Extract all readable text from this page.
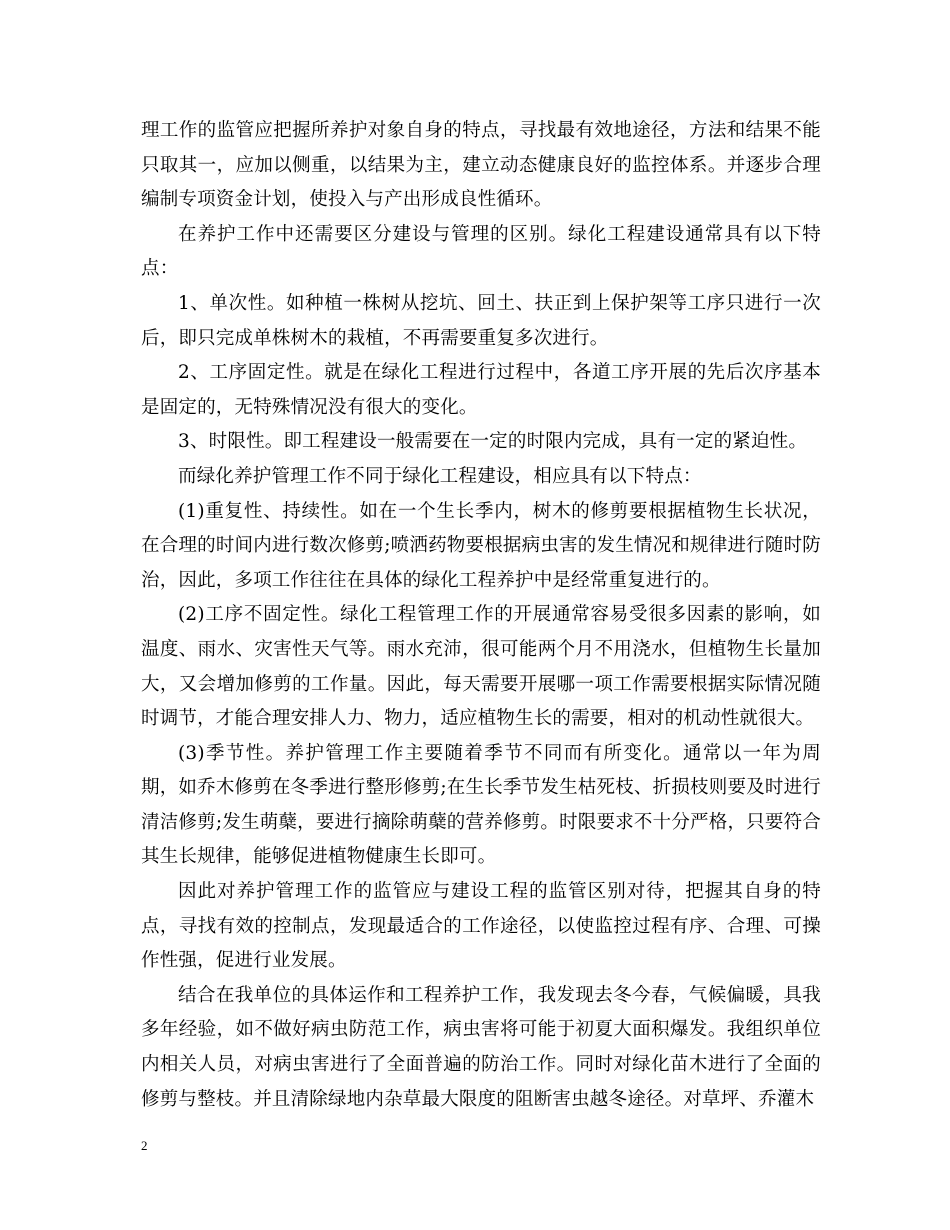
理工作的监管应把握所养护对象自身的特点，寻找最有效地途径，方法和结果不能只取其一，应加以侧重，以结果为主，建立动态健康良好的监控体系。并逐步合理编制专项资金计划，使投入与产出形成良性循环。

在养护工作中还需要区分建设与管理的区别。绿化工程建设通常具有以下特点：

1、单次性。如种植一株树从挖坑、回土、扶正到上保护架等工序只进行一次后，即只完成单株树木的栽植，不再需要重复多次进行。

2、工序固定性。就是在绿化工程进行过程中，各道工序开展的先后次序基本是固定的，无特殊情况没有很大的变化。

3、时限性。即工程建设一般需要在一定的时限内完成，具有一定的紧迫性。

而绿化养护管理工作不同于绿化工程建设，相应具有以下特点：

(1)重复性、持续性。如在一个生长季内，树木的修剪要根据植物生长状况，在合理的时间内进行数次修剪;喷洒药物要根据病虫害的发生情况和规律进行随时防治，因此，多项工作往往在具体的绿化工程养护中是经常重复进行的。

(2)工序不固定性。绿化工程管理工作的开展通常容易受很多因素的影响，如温度、雨水、灾害性天气等。雨水充沛，很可能两个月不用浇水，但植物生长量加大，又会增加修剪的工作量。因此，每天需要开展哪一项工作需要根据实际情况随时调节，才能合理安排人力、物力，适应植物生长的需要，相对的机动性就很大。

(3)季节性。养护管理工作主要随着季节不同而有所变化。通常以一年为周期，如乔木修剪在冬季进行整形修剪;在生长季节发生枯死枝、折损枝则要及时进行清洁修剪;发生萌蘖，要进行摘除萌蘖的营养修剪。时限要求不十分严格，只要符合其生长规律，能够促进植物健康生长即可。

因此对养护管理工作的监管应与建设工程的监管区别对待，把握其自身的特点，寻找有效的控制点，发现最适合的工作途径，以使监控过程有序、合理、可操作性强，促进行业发展。

结合在我单位的具体运作和工程养护工作，我发现去冬今春，气候偏暖，具我多年经验，如不做好病虫防范工作，病虫害将可能于初夏大面积爆发。我组织单位内相关人员，对病虫害进行了全面普遍的防治工作。同时对绿化苗木进行了全面的修剪与整枝。并且清除绿地内杂草最大限度的阻断害虫越冬途径。对草坪、乔灌木

2
